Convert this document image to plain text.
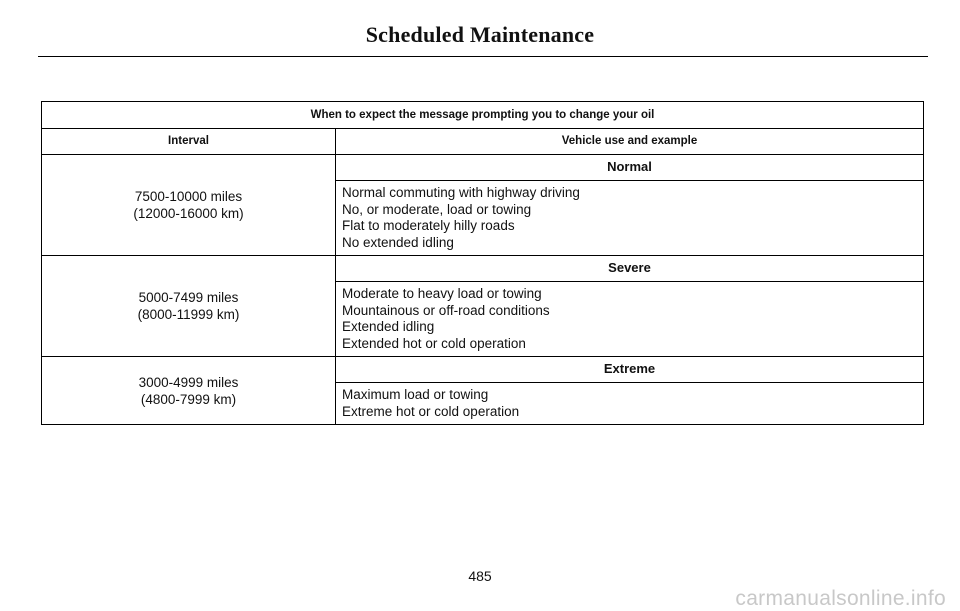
Scheduled Maintenance
When to expect the message prompting you to change your oil	
Interval	Vehicle use and example

7500-10000 miles
(12000-16000 km)	Normal

	Normal commuting with highway driving
No, or moderate, load or towing
Flat to moderately hilly roads
No extended idling

5000-7499 miles
(8000-11999 km)	Severe

	Moderate to heavy load or towing
Mountainous or off-road conditions
Extended idling
Extended hot or cold operation

3000-4999 miles
(4800-7999 km)	Extreme

	Maximum load or towing
Extreme hot or cold operation
485
carmanualsonline.info
